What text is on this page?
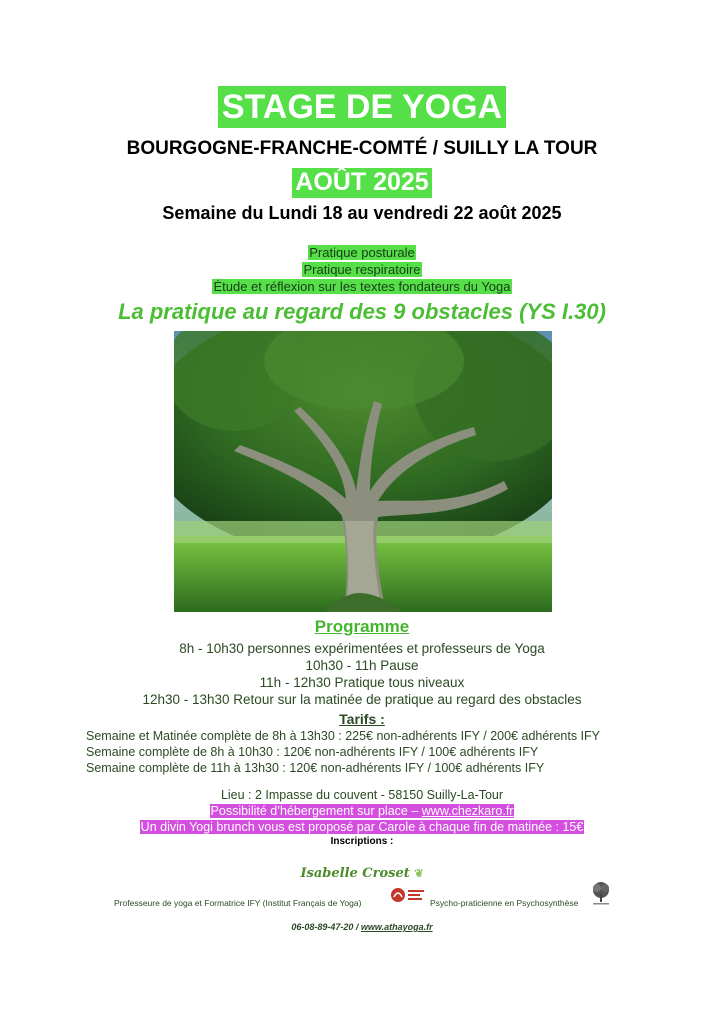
STAGE DE YOGA
BOURGOGNE-FRANCHE-COMTÉ / SUILLY LA TOUR
AOÛT 2025
Semaine du Lundi 18 au vendredi 22 août 2025
Pratique posturale
Pratique respiratoire
Étude et réflexion sur les textes fondateurs du Yoga
La pratique au regard des 9 obstacles (YS I.30)
Programme
8h - 10h30 personnes expérimentées et professeurs de Yoga
10h30 - 11h Pause
11h - 12h30 Pratique tous niveaux
12h30 - 13h30 Retour sur la matinée de pratique au regard des obstacles
Tarifs :
Semaine et Matinée complète de 8h à 13h30 : 225€ non-adhérents IFY / 200€ adhérents IFY
Semaine complète de 8h à 10h30 : 120€ non-adhérents IFY / 100€ adhérents IFY
Semaine complète de 11h à 13h30 : 120€ non-adhérents IFY / 100€ adhérents IFY
Lieu : 2 Impasse du couvent - 58150 Suilly-La-Tour
Possibilité d’hébergement sur place – www.chezkaro.fr
Un divin Yogi brunch vous est proposé par Carole à chaque fin de matinée : 15€
Inscriptions :
Isabelle Croset ❦
Professeure de yoga et Formatrice IFY (Institut Français de Yoga)	Psycho-praticienne en Psychosynthèse
06-08-89-47-20 / www.athayoga.fr
